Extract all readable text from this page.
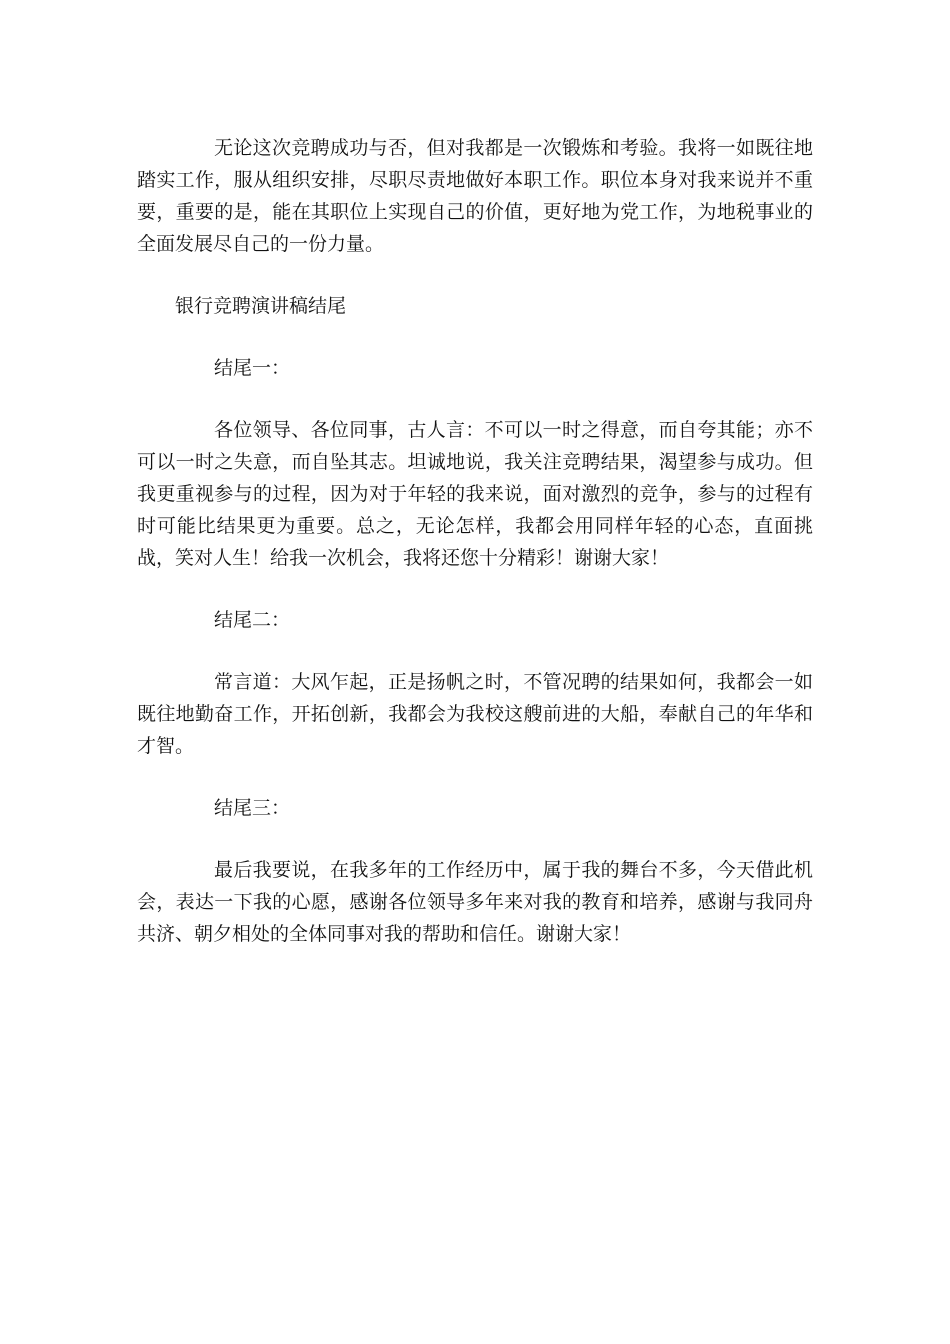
无论这次竞聘成功与否，但对我都是一次锻炼和考验。我将一如既往地踏实工作，服从组织安排，尽职尽责地做好本职工作。职位本身对我来说并不重要，重要的是，能在其职位上实现自己的价值，更好地为党工作，为地税事业的全面发展尽自己的一份力量。

银行竞聘演讲稿结尾

结尾一：

各位领导、各位同事，古人言：不可以一时之得意，而自夸其能；亦不可以一时之失意，而自坠其志。坦诚地说，我关注竞聘结果，渴望参与成功。但我更重视参与的过程，因为对于年轻的我来说，面对激烈的竞争，参与的过程有时可能比结果更为重要。总之，无论怎样，我都会用同样年轻的心态，直面挑战，笑对人生！给我一次机会，我将还您十分精彩！谢谢大家！

结尾二：

常言道：大风乍起，正是扬帆之时，不管况聘的结果如何，我都会一如既往地勤奋工作，开拓创新，我都会为我校这艘前进的大船，奉献自己的年华和才智。

结尾三：

最后我要说，在我多年的工作经历中，属于我的舞台不多，今天借此机会，表达一下我的心愿，感谢各位领导多年来对我的教育和培养，感谢与我同舟共济、朝夕相处的全体同事对我的帮助和信任。谢谢大家！
